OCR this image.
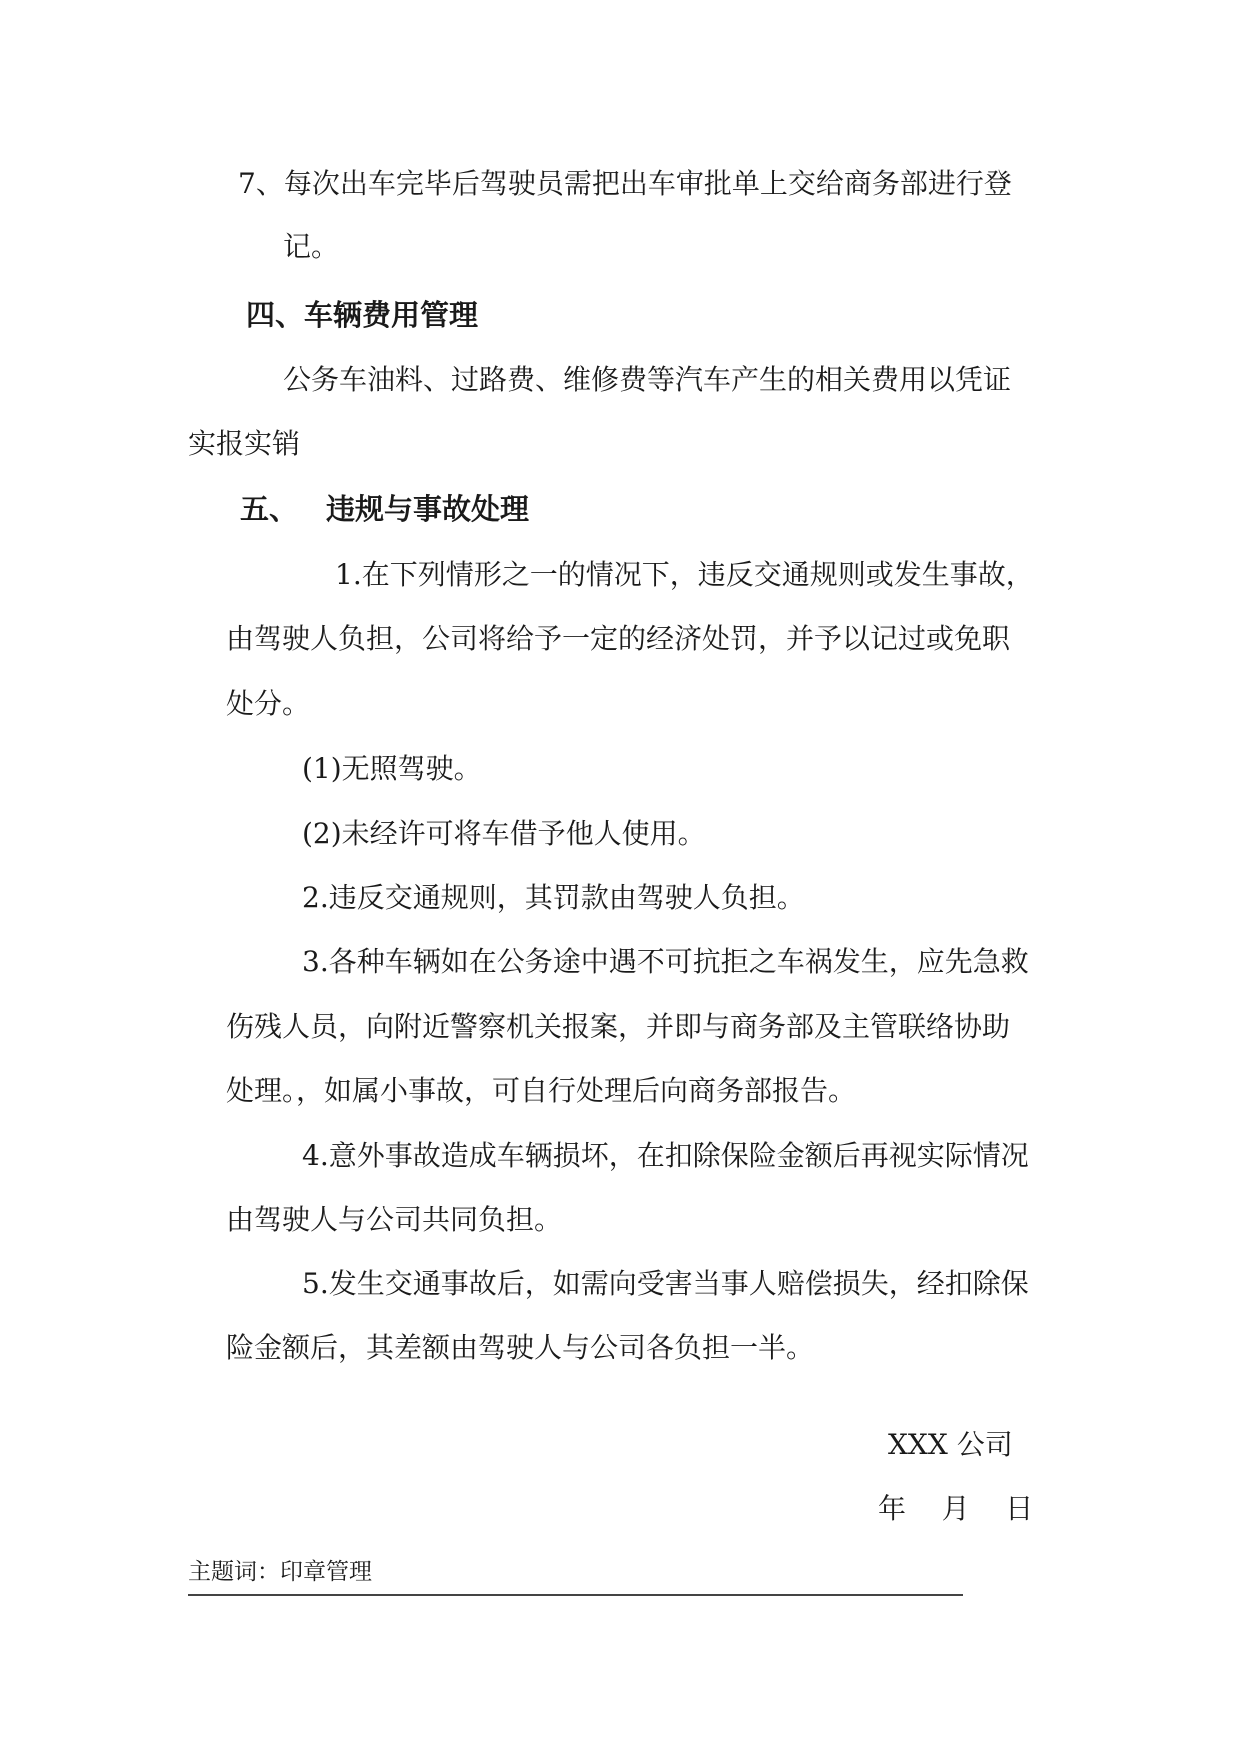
7、每次出车完毕后驾驶员需把出车审批单上交给商务部进行登
记。
四、车辆费用管理
公务车油料、过路费、维修费等汽车产生的相关费用以凭证
实报实销
五、 违规与事故处理
1.在下列情形之一的情况下，违反交通规则或发生事故，
由驾驶人负担，公司将给予一定的经济处罚，并予以记过或免职
处分。
(1)无照驾驶。
(2)未经许可将车借予他人使用。
2.违反交通规则，其罚款由驾驶人负担。
3.各种车辆如在公务途中遇不可抗拒之车祸发生，应先急救
伤残人员，向附近警察机关报案，并即与商务部及主管联络协助
处理。，如属小事故，可自行处理后向商务部报告。
4.意外事故造成车辆损坏，在扣除保险金额后再视实际情况
由驾驶人与公司共同负担。
5.发生交通事故后，如需向受害当事人赔偿损失，经扣除保
险金额后，其差额由驾驶人与公司各负担一半。
XXX 公司
年    月    日
主题词：印章管理
